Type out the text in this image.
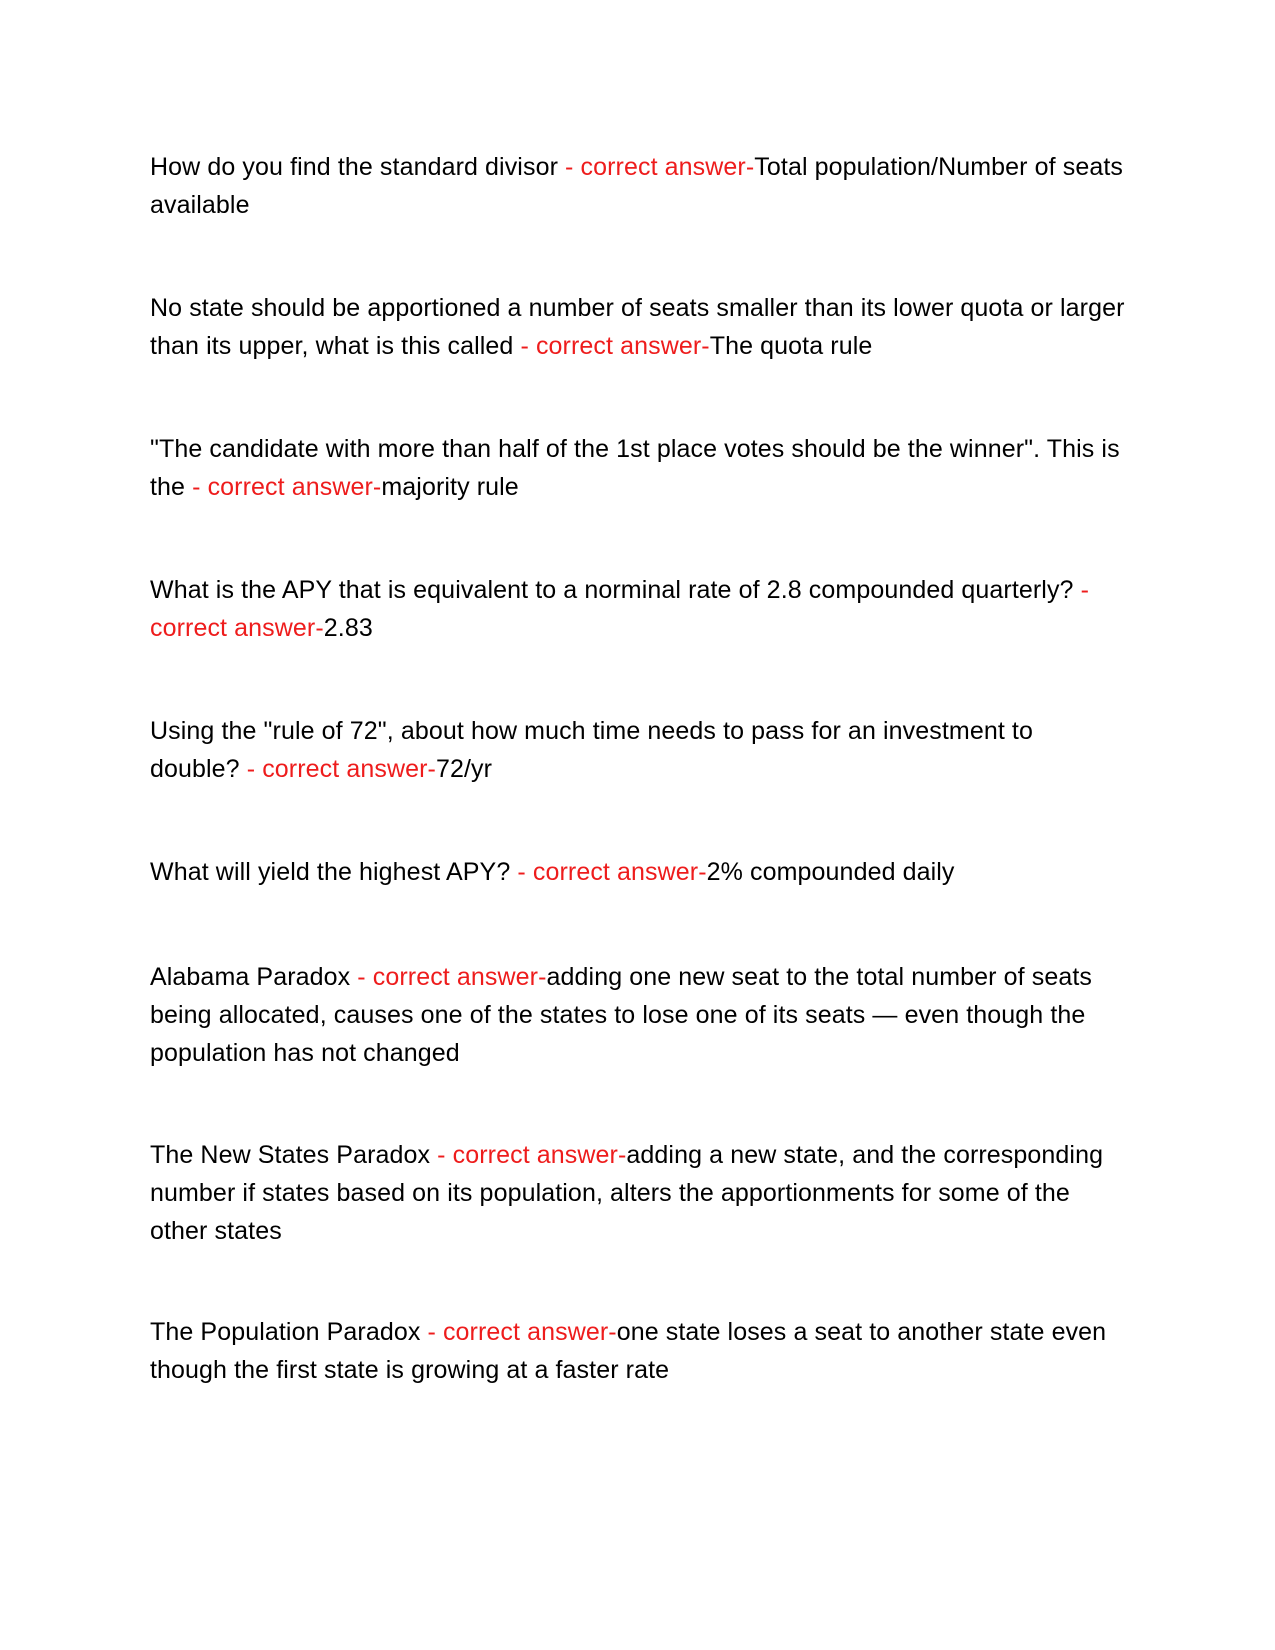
How do you find the standard divisor - correct answer-Total population/Number of seats available

No state should be apportioned a number of seats smaller than its lower quota or larger than its upper, what is this called - correct answer-The quota rule

"The candidate with more than half of the 1st place votes should be the winner". This is the - correct answer-majority rule

What is the APY that is equivalent to a norminal rate of 2.8 compounded quarterly? - correct answer-2.83

Using the "rule of 72", about how much time needs to pass for an investment to double? - correct answer-72/yr

What will yield the highest APY? - correct answer-2% compounded daily

Alabama Paradox - correct answer-adding one new seat to the total number of seats being allocated, causes one of the states to lose one of its seats — even though the population has not changed

The New States Paradox - correct answer-adding a new state, and the corresponding number if states based on its population, alters the apportionments for some of the other states

The Population Paradox - correct answer-one state loses a seat to another state even though the first state is growing at a faster rate
